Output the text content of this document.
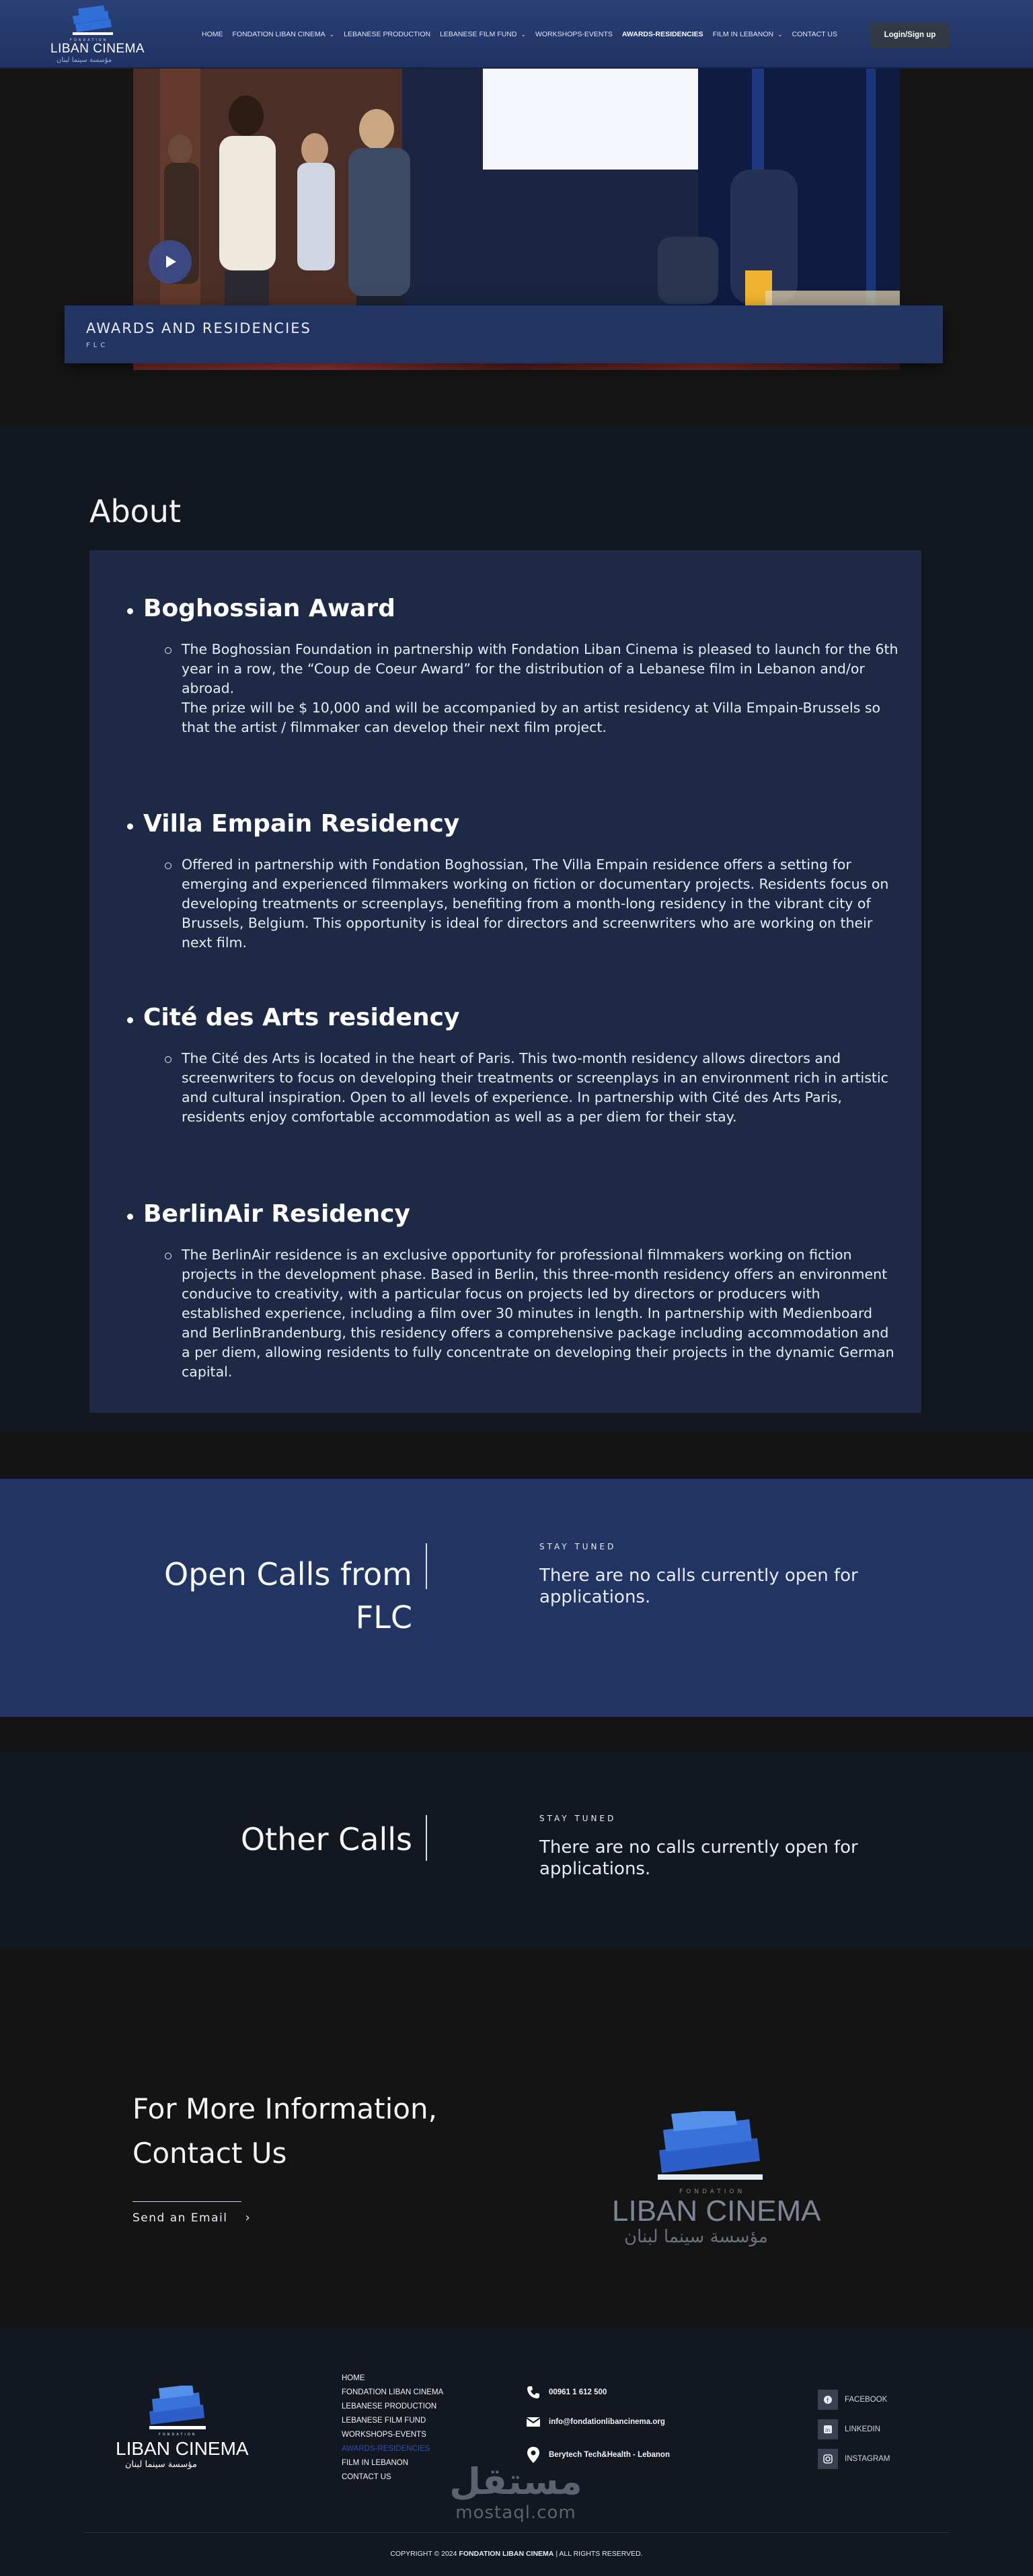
FONDATION
LIBAN CINEMA
مؤسسة سينما لبنان
HOME FONDATION LIBAN CINEMA ⌄ LEBANESE PRODUCTION LEBANESE FILM FUND ⌄ WORKSHOPS-EVENTS AWARDS-RESIDENCIES FILM IN LEBANON ⌄ CONTACT US	Login/Sign up
AWARDS AND RESIDENCIES
FLC
About
Boghossian Award
The Boghossian Foundation in partnership with Fondation Liban Cinema is pleased to launch for the 6th year in a row, the “Coup de Coeur Award” for the distribution of a Lebanese film in Lebanon and/or abroad.
The prize will be $ 10,000 and will be accompanied by an artist residency at Villa Empain-Brussels so that the artist / filmmaker can develop their next film project.
Villa Empain Residency
Offered in partnership with Fondation Boghossian, The Villa Empain residence offers a setting for emerging and experienced filmmakers working on fiction or documentary projects. Residents focus on developing treatments or screenplays, benefiting from a month-long residency in the vibrant city of Brussels, Belgium. This opportunity is ideal for directors and screenwriters who are working on their next film.
Cité des Arts residency
The Cité des Arts is located in the heart of Paris. This two-month residency allows directors and screenwriters to focus on developing their treatments or screenplays in an environment rich in artistic and cultural inspiration. Open to all levels of experience. In partnership with Cité des Arts Paris, residents enjoy comfortable accommodation as well as a per diem for their stay.
BerlinAir Residency
The BerlinAir residence is an exclusive opportunity for professional filmmakers working on fiction projects in the development phase. Based in Berlin, this three-month residency offers an environment conducive to creativity, with a particular focus on projects led by directors or producers with established experience, including a film over 30 minutes in length. In partnership with Medienboard and BerlinBrandenburg, this residency offers a comprehensive package including accommodation and a per diem, allowing residents to fully concentrate on developing their projects in the dynamic German capital.
Open Calls from
FLC
STAY TUNED
There are no calls currently open for applications.
Other Calls
STAY TUNED
There are no calls currently open for applications.
For More Information,
Contact Us
Send an Email ›
FONDATION
LIBAN CINEMA
مؤسسة سينما لبنان
LIBAN CINEMA
مؤسسة سينما لبنان
FONDATION
HOME
FONDATION LIBAN CINEMA
LEBANESE PRODUCTION
LEBANESE FILM FUND
WORKSHOPS-EVENTS
AWARDS-RESIDENCIES
FILM IN LEBANON
CONTACT US
00961 1 612 500
info@fondationlibancinema.org
Berytech Tech&Health - Lebanon
f FACEBOOK
in LINKEDIN
INSTAGRAM
مستقل
mostaql.com
COPYRIGHT © 2024 FONDATION LIBAN CINEMA | ALL RIGHTS RESERVED.
